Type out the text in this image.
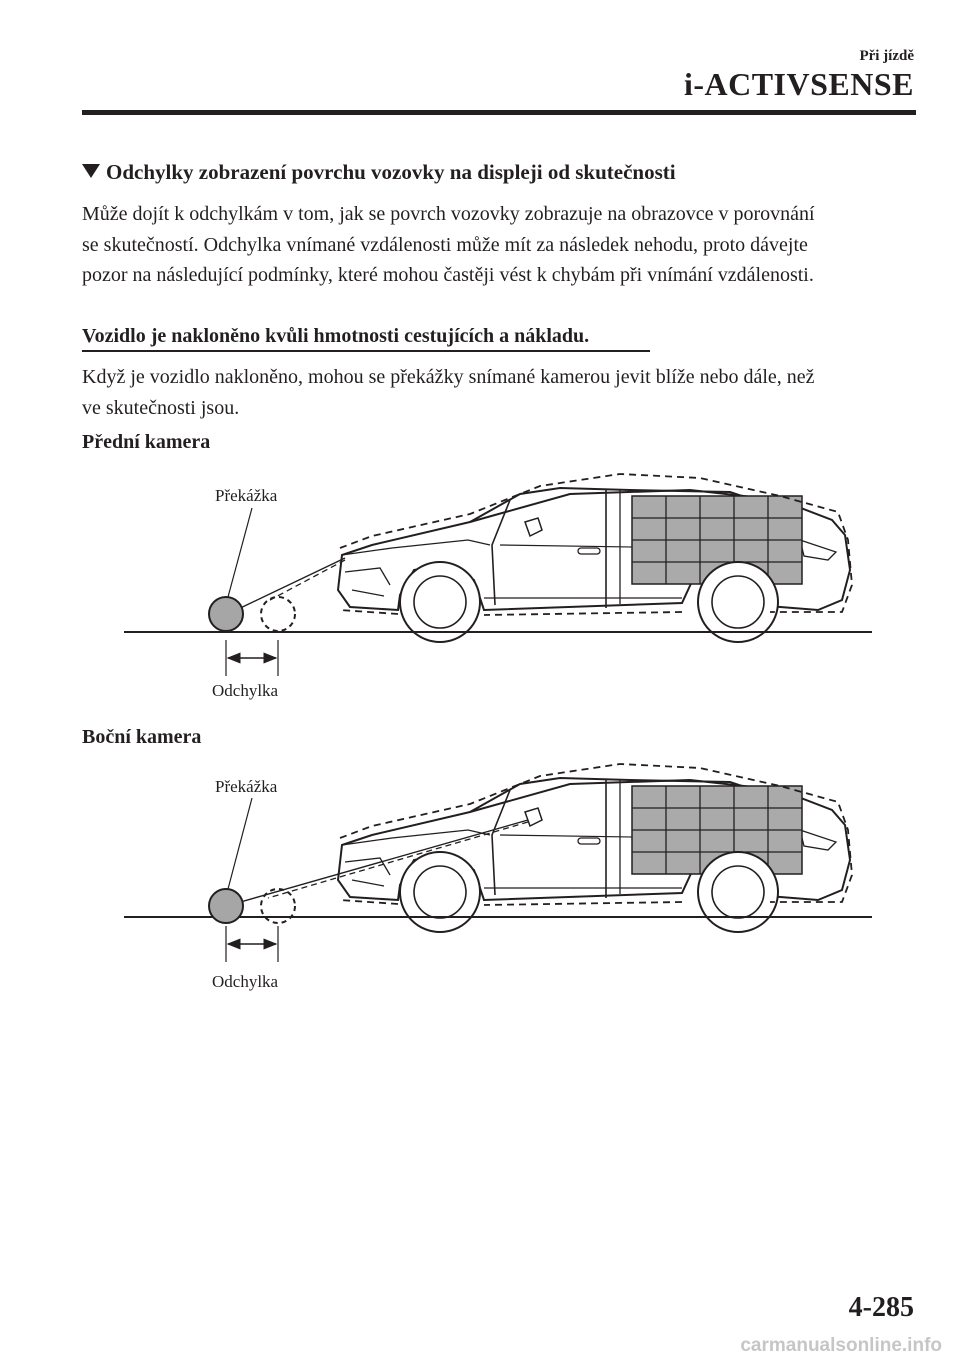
Při jízdě
i-ACTIVSENSE
Odchylky zobrazení povrchu vozovky na displeji od skutečnosti
Může dojít k odchylkám v tom, jak se povrch vozovky zobrazuje na obrazovce v porovnání
se skutečností. Odchylka vnímané vzdálenosti může mít za následek nehodu, proto dávejte
pozor na následující podmínky, které mohou častěji vést k chybám při vnímání vzdálenosti.
Vozidlo je nakloněno kvůli hmotnosti cestujících a nákladu.
Když je vozidlo nakloněno, mohou se překážky snímané kamerou jevit blíže nebo dále, než
ve skutečnosti jsou.
Přední kamera
Překážka
Odchylka
Boční kamera
Překážka
Odchylka
4-285
carmanualsonline.info
